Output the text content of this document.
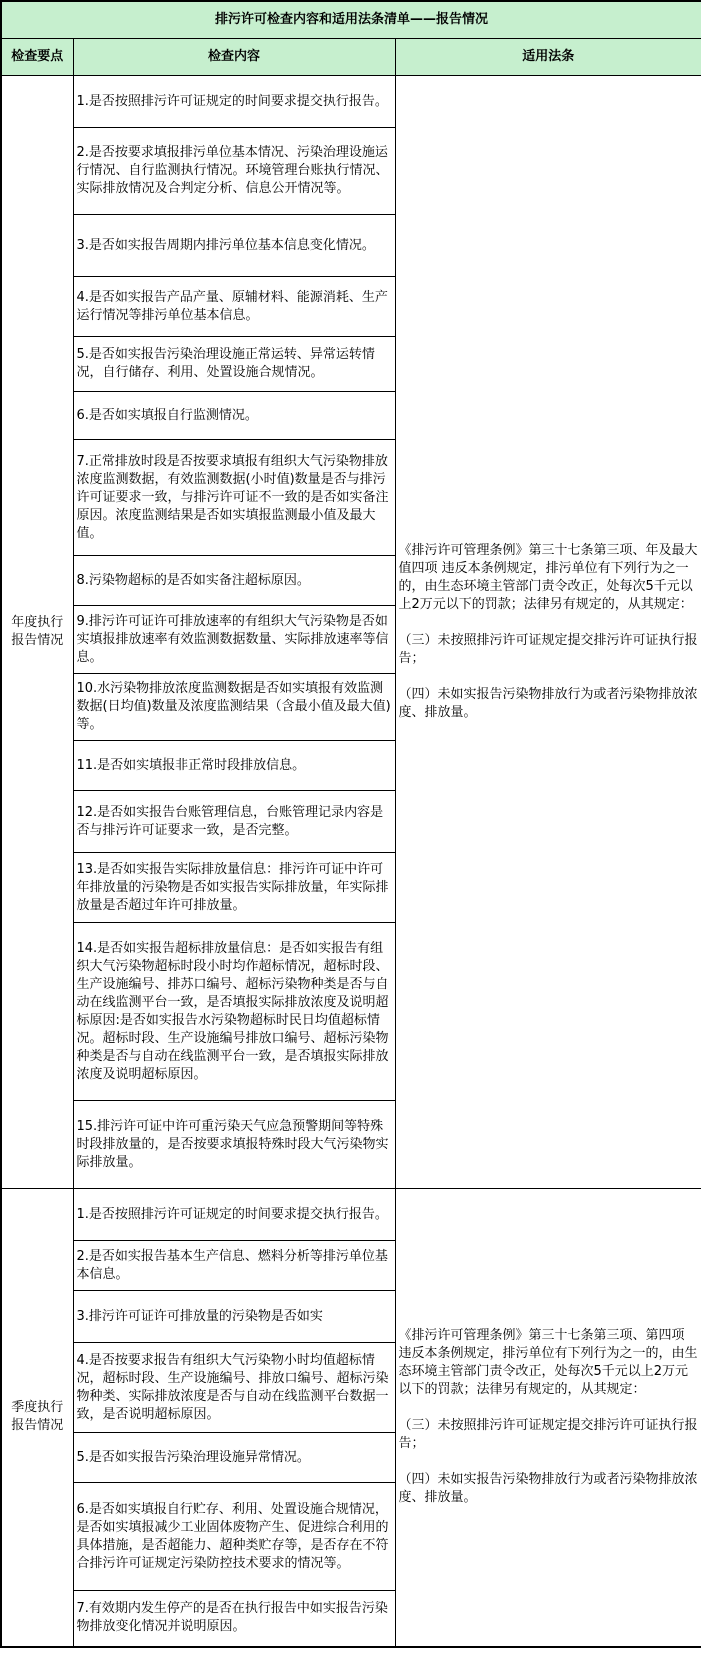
排污许可检查内容和适用法条清单——报告情况		
检查要点	检查内容	适用法条
年度执行报告情况	1.是否按照排污许可证规定的时间要求提交执行报告。	《排污许可管理条例》第三十七条第三项、年及最大值四项 违反本条例规定，排污单位有下列行为之一的，由生态环境主管部门责令改正，处每次5千元以上2万元以下的罚款；法律另有规定的，从其规定：

（三）未按照排污许可证规定提交排污许可证执行报告；

（四）未如实报告污染物排放行为或者污染物排放浓度、排放量。

	2.是否按要求填报排污单位基本情况、污染治理设施运行情况、自行监测执行情况。环境管理台账执行情况、实际排放情况及合判定分析、信息公开情况等。	
	3.是否如实报告周期内排污单位基本信息变化情况。	
	4.是否如实报告产品产量、原辅材料、能源消耗、生产运行情况等排污单位基本信息。	
	5.是否如实报告污染治理设施正常运转、异常运转情况，自行储存、利用、处置设施合规情况。	
	6.是否如实填报自行监测情况。	
	7.正常排放时段是否按要求填报有组织大气污染物排放浓度监测数据，有效监测数据(小时值)数量是否与排污许可证要求一致，与排污许可证不一致的是否如实备注原因。浓度监测结果是否如实填报监测最小值及最大值。	
	8.污染物超标的是否如实备注超标原因。	
	9.排污许可证许可排放速率的有组织大气污染物是否如实填报排放速率有效监测数据数量、实际排放速率等信息。	
	10.水污染物排放浓度监测数据是否如实填报有效监测数据(日均值)数量及浓度监测结果（含最小值及最大值)等。	
	11.是否如实填报非正常时段排放信息。	
	12.是否如实报告台账管理信息，台账管理记录内容是否与排污许可证要求一致，是否完整。	
	13.是否如实报告实际排放量信息：排污许可证中许可年排放量的污染物是否如实报告实际排放量，年实际排放量是否超过年许可排放量。	
	14.是否如实报告超标排放量信息：是否如实报告有组织大气污染物超标时段小时均作超标情况，超标时段、生产设施编号、排苏口编号、超标污染物种类是否与自动在线监测平台一致，是否填报实际排放浓度及说明超标原因:是否如实报告水污染物超标时民日均值超标情况。超标时段、生产设施编号排放口编号、超标污染物种类是否与自动在线监测平台一致，是否填报实际排放浓度及说明超标原因。	
	15.排污许可证中许可重污染天气应急预警期间等特殊时段排放量的，是否按要求填报特殊时段大气污染物实际排放量。	
季度执行报告情况	1.是否按照排污许可证规定的时间要求提交执行报告。	《排污许可管理条例》第三十七条第三项、第四项 违反本条例规定，排污单位有下列行为之一的，由生态环境主管部门责令改正，处每次5千元以上2万元以下的罚款；法律另有规定的，从其规定：

（三）未按照排污许可证规定提交排污许可证执行报告；

（四）未如实报告污染物排放行为或者污染物排放浓度、排放量。

	2.是否如实报告基本生产信息、燃料分析等排污单位基本信息。	
	3.排污许可证许可排放量的污染物是否如实	
	4.是否按要求报告有组织大气污染物小时均值超标情况，超标时段、生产设施编号、排放口编号、超标污染物种类、实际排放浓度是否与自动在线监测平台数据一致，是否说明超标原因。	
	5.是否如实报告污染治理设施异常情况。	
	6.是否如实填报自行贮存、利用、处置设施合规情况，是否如实填报减少工业固体废物产生、促进综合利用的具体措施，是否超能力、超种类贮存等，是否存在不符合排污许可证规定污染防控技术要求的情况等。	
	7.有效期内发生停产的是否在执行报告中如实报告污染物排放变化情况并说明原因。	
